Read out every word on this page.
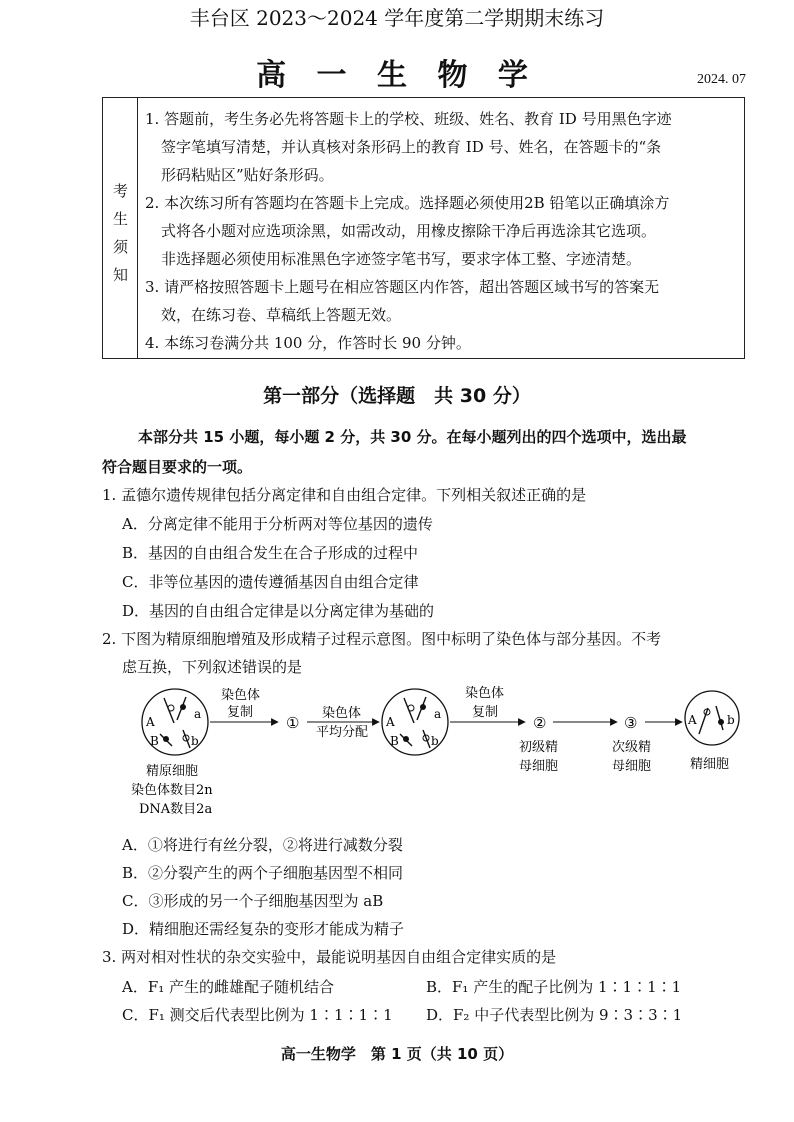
丰台区 2023～2024 学年度第二学期期末练习
高 一 生 物 学	2024. 07
考
生
须
知
1. 答题前，考生务必先将答题卡上的学校、班级、姓名、教育 ID 号用黑色字迹
签字笔填写清楚，并认真核对条形码上的教育 ID 号、姓名，在答题卡的“条
形码粘贴区”贴好条形码。
2. 本次练习所有答题均在答题卡上完成。选择题必须使用2B 铅笔以正确填涂方
式将各小题对应选项涂黑，如需改动，用橡皮擦除干净后再选涂其它选项。
非选择题必须使用标准黑色字迹签字笔书写，要求字体工整、字迹清楚。
3. 请严格按照答题卡上题号在相应答题区内作答，超出答题区域书写的答案无
效，在练习卷、草稿纸上答题无效。
4. 本练习卷满分共 100 分，作答时长 90 分钟。
第一部分（选择题　共 30 分）
本部分共 15 小题，每小题 2 分，共 30 分。在每小题列出的四个选项中，选出最
符合题目要求的一项。
1. 孟德尔遗传规律包括分离定律和自由组合定律。下列相关叙述正确的是
A．分离定律不能用于分析两对等位基因的遗传
B．基因的自由组合发生在合子形成的过程中
C．非等位基因的遗传遵循基因自由组合定律
D．基因的自由组合定律是以分离定律为基础的
2. 下图为精原细胞增殖及形成精子过程示意图。图中标明了染色体与部分基因。不考
虑互换，下列叙述错误的是
A
a
B	b
染色体
复制
①
染色体
平均分配
A
a
B	b
染色体
复制
②	③	A	b
精原细胞
染色体数目2n
DNA数目2a
初级精
母细胞
次级精
母细胞	精细胞
A．①将进行有丝分裂，②将进行减数分裂
B．②分裂产生的两个子细胞基因型不相同
C．③形成的另一个子细胞基因型为 aB
D．精细胞还需经复杂的变形才能成为精子
3. 两对相对性状的杂交实验中，最能说明基因自由组合定律实质的是
A．F₁ 产生的雌雄配子随机结合	B．F₁ 产生的配子比例为 1∶1∶1∶1
C．F₁ 测交后代表型比例为 1∶1∶1∶1 D．F₂ 中子代表型比例为 9∶3∶3∶1
高一生物学　第 1 页（共 10 页）
